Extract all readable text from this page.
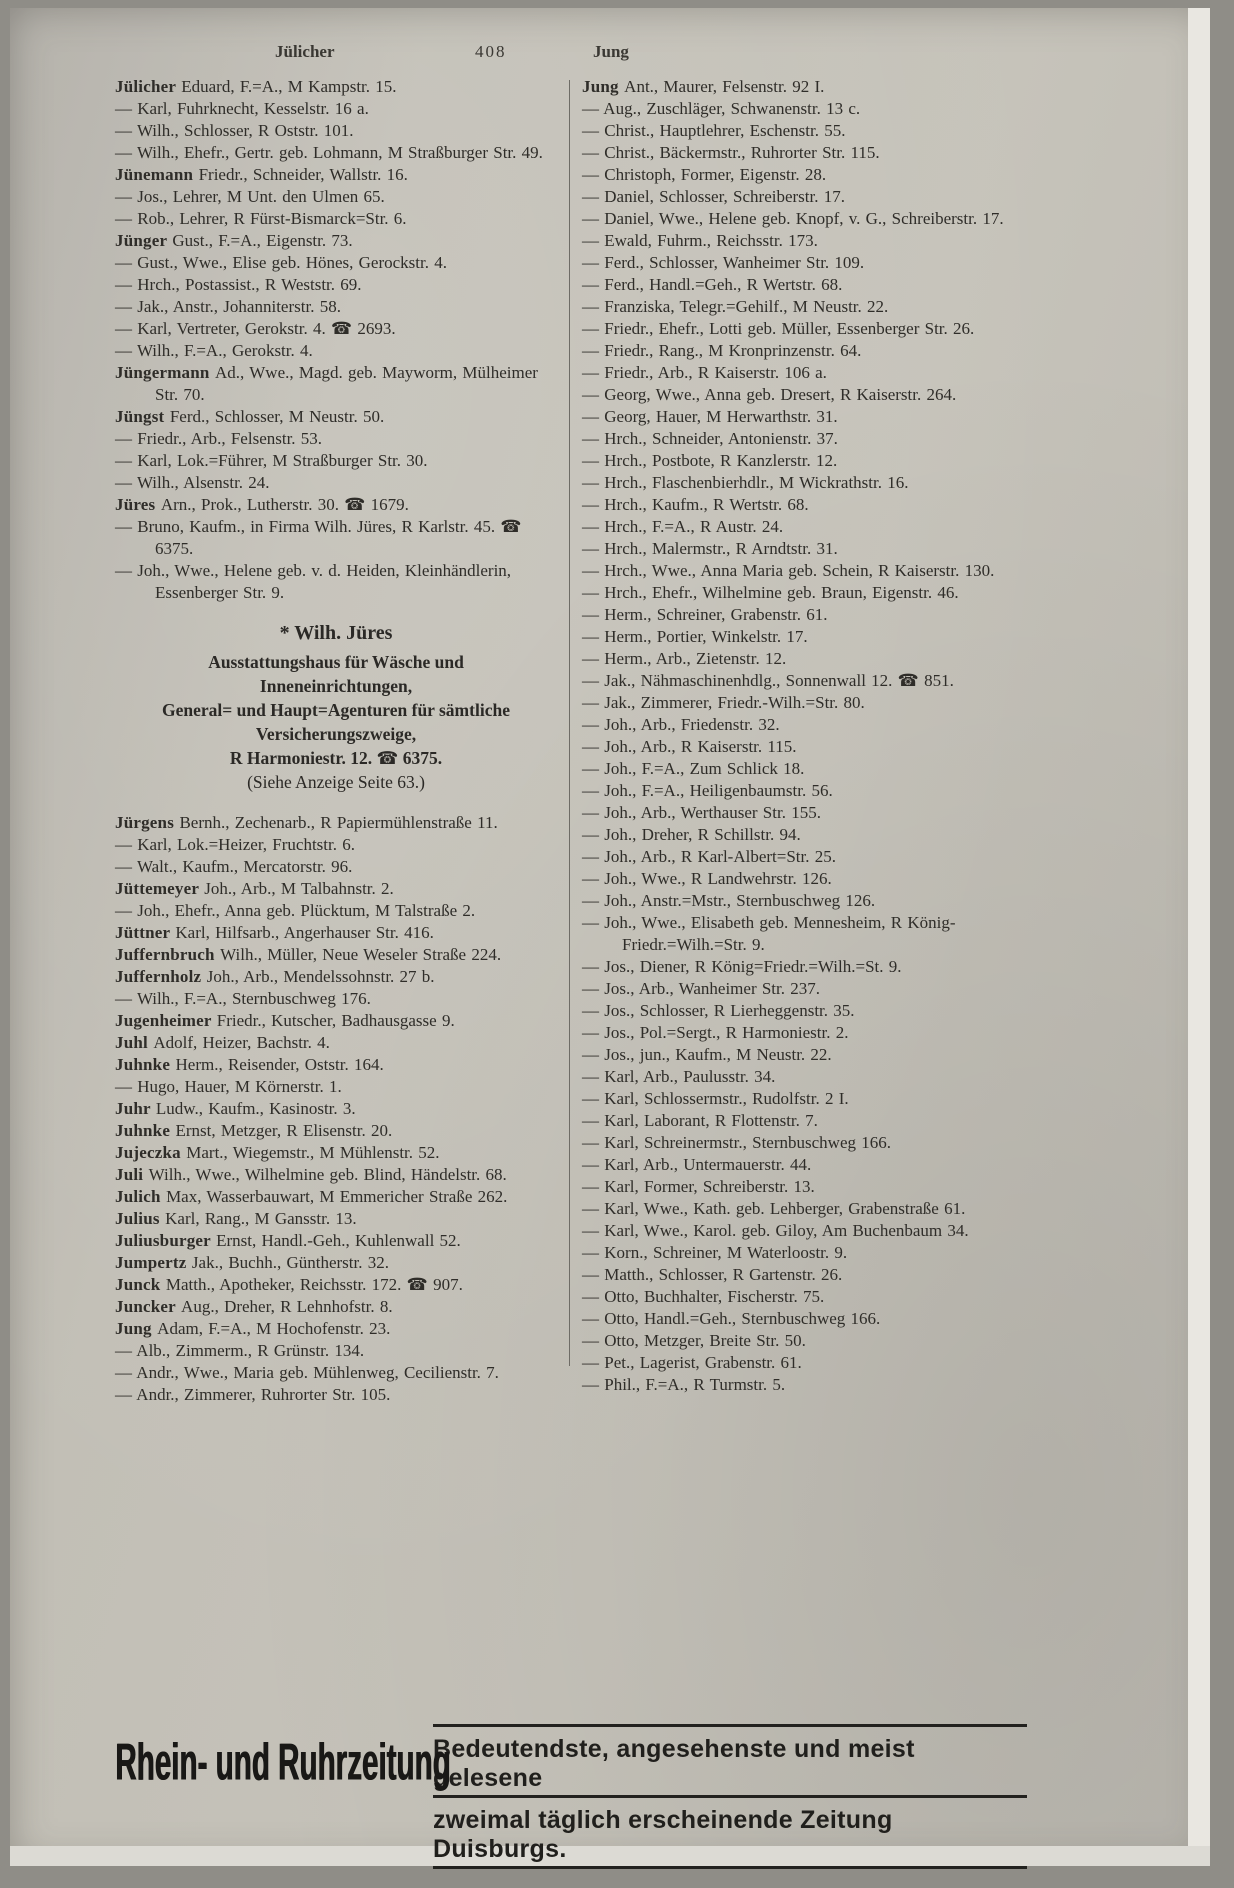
Jülicher	408	Jung
Jülicher Eduard, F.=A., M Kampstr. 15.
— Karl, Fuhrknecht, Kesselstr. 16 a.
— Wilh., Schlosser, R Oststr. 101.
— Wilh., Ehefr., Gertr. geb. Lohmann, M Straßburger Str. 49.
Jünemann Friedr., Schneider, Wallstr. 16.
— Jos., Lehrer, M Unt. den Ulmen 65.
— Rob., Lehrer, R Fürst-Bismarck=Str. 6.
Jünger Gust., F.=A., Eigenstr. 73.
— Gust., Wwe., Elise geb. Hönes, Gerockstr. 4.
— Hrch., Postassist., R Weststr. 69.
— Jak., Anstr., Johanniterstr. 58.
— Karl, Vertreter, Gerokstr. 4. ☎ 2693.
— Wilh., F.=A., Gerokstr. 4.
Jüngermann Ad., Wwe., Magd. geb. Mayworm, Mülheimer Str. 70.
Jüngst Ferd., Schlosser, M Neustr. 50.
— Friedr., Arb., Felsenstr. 53.
— Karl, Lok.=Führer, M Straßburger Str. 30.
— Wilh., Alsenstr. 24.
Jüres Arn., Prok., Lutherstr. 30. ☎ 1679.
— Bruno, Kaufm., in Firma Wilh. Jüres, R Karlstr. 45. ☎ 6375.
— Joh., Wwe., Helene geb. v. d. Heiden, Kleinhändlerin, Essenberger Str. 9.
* Wilh. Jüres
Ausstattungshaus für Wäsche und
Inneneinrichtungen,
General= und Haupt=Agenturen für sämtliche
Versicherungszweige,
R Harmoniestr. 12. ☎ 6375.
(Siehe Anzeige Seite 63.)
Jürgens Bernh., Zechenarb., R Papiermühlenstraße 11.
— Karl, Lok.=Heizer, Fruchtstr. 6.
— Walt., Kaufm., Mercatorstr. 96.
Jüttemeyer Joh., Arb., M Talbahnstr. 2.
— Joh., Ehefr., Anna geb. Plücktum, M Talstraße 2.
Jüttner Karl, Hilfsarb., Angerhauser Str. 416.
Juffernbruch Wilh., Müller, Neue Weseler Straße 224.
Juffernholz Joh., Arb., Mendelssohnstr. 27 b.
— Wilh., F.=A., Sternbuschweg 176.
Jugenheimer Friedr., Kutscher, Badhausgasse 9.
Juhl Adolf, Heizer, Bachstr. 4.
Juhnke Herm., Reisender, Oststr. 164.
— Hugo, Hauer, M Körnerstr. 1.
Juhr Ludw., Kaufm., Kasinostr. 3.
Juhnke Ernst, Metzger, R Elisenstr. 20.
Jujeczka Mart., Wiegemstr., M Mühlenstr. 52.
Juli Wilh., Wwe., Wilhelmine geb. Blind, Händelstr. 68.
Julich Max, Wasserbauwart, M Emmericher Straße 262.
Julius Karl, Rang., M Gansstr. 13.
Juliusburger Ernst, Handl.-Geh., Kuhlenwall 52.
Jumpertz Jak., Buchh., Güntherstr. 32.
Junck Matth., Apotheker, Reichsstr. 172. ☎ 907.
Juncker Aug., Dreher, R Lehnhofstr. 8.
Jung Adam, F.=A., M Hochofenstr. 23.
— Alb., Zimmerm., R Grünstr. 134.
— Andr., Wwe., Maria geb. Mühlenweg, Cecilienstr. 7.
— Andr., Zimmerer, Ruhrorter Str. 105.
Jung Ant., Maurer, Felsenstr. 92 I.
— Aug., Zuschläger, Schwanenstr. 13 c.
— Christ., Hauptlehrer, Eschenstr. 55.
— Christ., Bäckermstr., Ruhrorter Str. 115.
— Christoph, Former, Eigenstr. 28.
— Daniel, Schlosser, Schreiberstr. 17.
— Daniel, Wwe., Helene geb. Knopf, v. G., Schreiberstr. 17.
— Ewald, Fuhrm., Reichsstr. 173.
— Ferd., Schlosser, Wanheimer Str. 109.
— Ferd., Handl.=Geh., R Wertstr. 68.
— Franziska, Telegr.=Gehilf., M Neustr. 22.
— Friedr., Ehefr., Lotti geb. Müller, Essenberger Str. 26.
— Friedr., Rang., M Kronprinzenstr. 64.
— Friedr., Arb., R Kaiserstr. 106 a.
— Georg, Wwe., Anna geb. Dresert, R Kaiserstr. 264.
— Georg, Hauer, M Herwarthstr. 31.
— Hrch., Schneider, Antonienstr. 37.
— Hrch., Postbote, R Kanzlerstr. 12.
— Hrch., Flaschenbierhdlr., M Wickrathstr. 16.
— Hrch., Kaufm., R Wertstr. 68.
— Hrch., F.=A., R Austr. 24.
— Hrch., Malermstr., R Arndtstr. 31.
— Hrch., Wwe., Anna Maria geb. Schein, R Kaiserstr. 130.
— Hrch., Ehefr., Wilhelmine geb. Braun, Eigenstr. 46.
— Herm., Schreiner, Grabenstr. 61.
— Herm., Portier, Winkelstr. 17.
— Herm., Arb., Zietenstr. 12.
— Jak., Nähmaschinenhdlg., Sonnenwall 12. ☎ 851.
— Jak., Zimmerer, Friedr.-Wilh.=Str. 80.
— Joh., Arb., Friedenstr. 32.
— Joh., Arb., R Kaiserstr. 115.
— Joh., F.=A., Zum Schlick 18.
— Joh., F.=A., Heiligenbaumstr. 56.
— Joh., Arb., Werthauser Str. 155.
— Joh., Dreher, R Schillstr. 94.
— Joh., Arb., R Karl-Albert=Str. 25.
— Joh., Wwe., R Landwehrstr. 126.
— Joh., Anstr.=Mstr., Sternbuschweg 126.
— Joh., Wwe., Elisabeth geb. Mennesheim, R König-Friedr.=Wilh.=Str. 9.
— Jos., Diener, R König=Friedr.=Wilh.=St. 9.
— Jos., Arb., Wanheimer Str. 237.
— Jos., Schlosser, R Lierheggenstr. 35.
— Jos., Pol.=Sergt., R Harmoniestr. 2.
— Jos., jun., Kaufm., M Neustr. 22.
— Karl, Arb., Paulusstr. 34.
— Karl, Schlossermstr., Rudolfstr. 2 I.
— Karl, Laborant, R Flottenstr. 7.
— Karl, Schreinermstr., Sternbuschweg 166.
— Karl, Arb., Untermauerstr. 44.
— Karl, Former, Schreiberstr. 13.
— Karl, Wwe., Kath. geb. Lehberger, Grabenstraße 61.
— Karl, Wwe., Karol. geb. Giloy, Am Buchenbaum 34.
— Korn., Schreiner, M Waterloostr. 9.
— Matth., Schlosser, R Gartenstr. 26.
— Otto, Buchhalter, Fischerstr. 75.
— Otto, Handl.=Geh., Sternbuschweg 166.
— Otto, Metzger, Breite Str. 50.
— Pet., Lagerist, Grabenstr. 61.
— Phil., F.=A., R Turmstr. 5.
Rhein- und Ruhrzeitung
Bedeutendste, angesehenste und meist gelesene
zweimal täglich erscheinende Zeitung Duisburgs.
